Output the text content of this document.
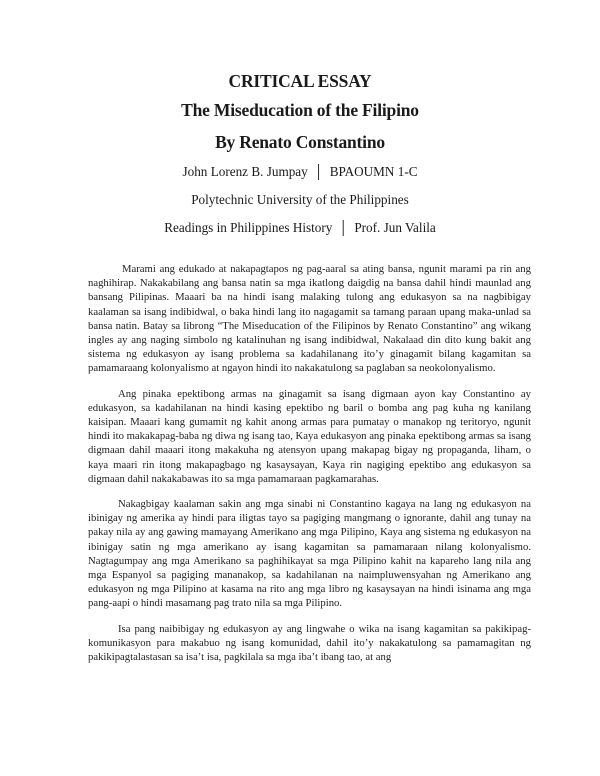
CRITICAL ESSAY
The Miseducation of the Filipino
By Renato Constantino
John Lorenz B. Jumpay │ BPAOUMN 1-C
Polytechnic University of the Philippines
Readings in Philippines History │ Prof. Jun Valila

Marami ang edukado at nakapagtapos ng pag-aaral sa ating bansa, ngunit marami pa rin ang naghihirap. Nakakabilang ang bansa natin sa mga ikatlong daigdig na bansa dahil hindi maunlad ang bansang Pilipinas. Maaari ba na hindi isang malaking tulong ang edukasyon sa na nagbibigay kaalaman sa isang indibidwal, o baka hindi lang ito nagagamit sa tamang paraan upang maka-unlad sa bansa natin. Batay sa librong “The Miseducation of the Filipinos by Renato Constantino” ang wikang ingles ay ang naging simbolo ng katalinuhan ng isang indibidwal, Nakalaad din dito kung bakit ang sistema ng edukasyon ay isang problema sa kadahilanang ito’y ginagamit bilang kagamitan sa pamamaraang kolonyalismo at ngayon hindi ito nakakatulong sa paglaban sa neokolonyalismo.

Ang pinaka epektibong armas na ginagamit sa isang digmaan ayon kay Constantino ay edukasyon, sa kadahilanan na hindi kasing epektibo ng baril o bomba ang pag kuha ng kanilang kaisipan. Maaari kang gumamit ng kahit anong armas para pumatay o manakop ng teritoryo, ngunit hindi ito makakapag-baba ng diwa ng isang tao, Kaya edukasyon ang pinaka epektibong armas sa isang digmaan dahil maaari itong makakuha ng atensyon upang makapag bigay ng propaganda, liham, o kaya maari rin itong makapagbago ng kasaysayan, Kaya rin nagiging epektibo ang edukasyon sa digmaan dahil nakakabawas ito sa mga pamamaraan pagkamarahas.

Nakagbigay kaalaman sakin ang mga sinabi ni Constantino kagaya na lang ng edukasyon na ibinigay ng amerika ay hindi para iligtas tayo sa pagiging mangmang o ignorante, dahil ang tunay na pakay nila ay ang gawing mamayang Amerikano ang mga Pilipino, Kaya ang sistema ng edukasyon na ibinigay satin ng mga amerikano ay isang kagamitan sa pamamaraan nilang kolonyalismo. Nagtagumpay ang mga Amerikano sa paghihikayat sa mga Pilipino kahit na kapareho lang nila ang mga Espanyol sa pagiging mananakop, sa kadahilanan na naimpluwensyahan ng Amerikano ang edukasyon ng mga Pilipino at kasama na rito ang mga libro ng kasaysayan na hindi isinama ang mga pang-aapi o hindi masamang pag trato nila sa mga Pilipino.

Isa pang naibibigay ng edukasyon ay ang lingwahe o wika na isang kagamitan sa pakikipag-komunikasyon para makabuo ng isang komunidad, dahil ito’y nakakatulong sa pamamagitan ng pakikipagtalastasan sa isa’t isa, pagkilala sa mga iba’t ibang tao, at ang
